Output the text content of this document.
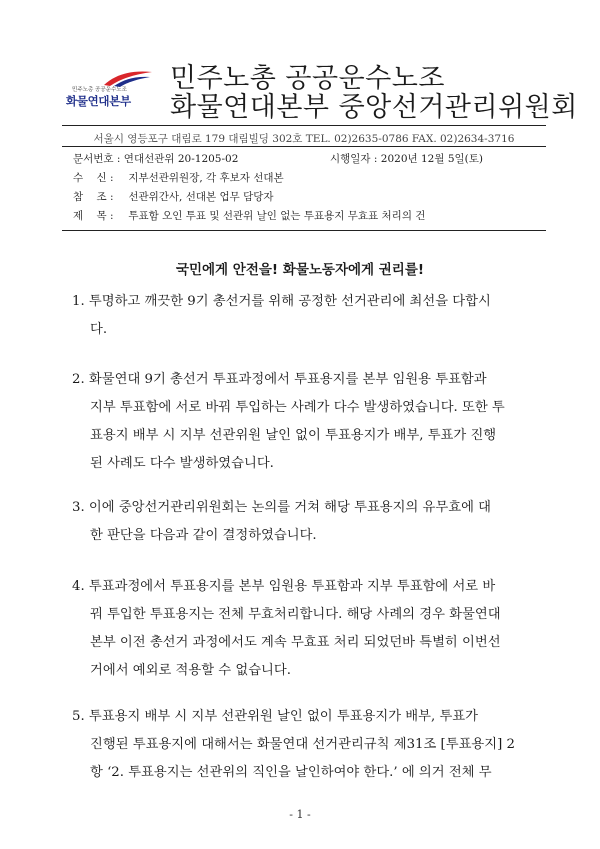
민주노총 공공운수노조
화물연대본부
민주노총 공공운수노조
화물연대본부 중앙선거관리위원회
서울시 영등포구 대림로 179 대림빌딩 302호 TEL. 02)2635-0786 FAX. 02)2634-3716
문서번호 : 연대선관위 20-1205-02	시행일자 : 2020년 12월 5일(토)
수    신 : 지부선관위원장, 각 후보자 선대본
참    조 : 선관위간사, 선대본 업무 담당자
제    목 : 투표함 오인 투표 및 선관위 날인 없는 투표용지 무효표 처리의 건
국민에게 안전을! 화물노동자에게 권리를!
1. 투명하고 깨끗한 9기 총선거를 위해 공정한 선거관리에 최선을 다합시
다.
2. 화물연대 9기 총선거 투표과정에서 투표용지를 본부 임원용 투표함과
지부 투표함에 서로 바꿔 투입하는 사례가 다수 발생하였습니다. 또한 투
표용지 배부 시 지부 선관위원 날인 없이 투표용지가 배부, 투표가 진행
된 사례도 다수 발생하였습니다.
3. 이에 중앙선거관리위원회는 논의를 거쳐 해당 투표용지의 유무효에 대
한 판단을 다음과 같이 결정하였습니다.
4. 투표과정에서 투표용지를 본부 임원용 투표함과 지부 투표함에 서로 바
꿔 투입한 투표용지는 전체 무효처리합니다. 해당 사례의 경우 화물연대
본부 이전 총선거 과정에서도 계속 무효표 처리 되었던바 특별히 이번선
거에서 예외로 적용할 수 없습니다.
5. 투표용지 배부 시 지부 선관위원 날인 없이 투표용지가 배부, 투표가
진행된 투표용지에 대해서는 화물연대 선거관리규칙 제31조 [투표용지] 2
항 ‘2. 투표용지는 선관위의 직인을 날인하여야 한다.’ 에 의거 전체 무
- 1 -
